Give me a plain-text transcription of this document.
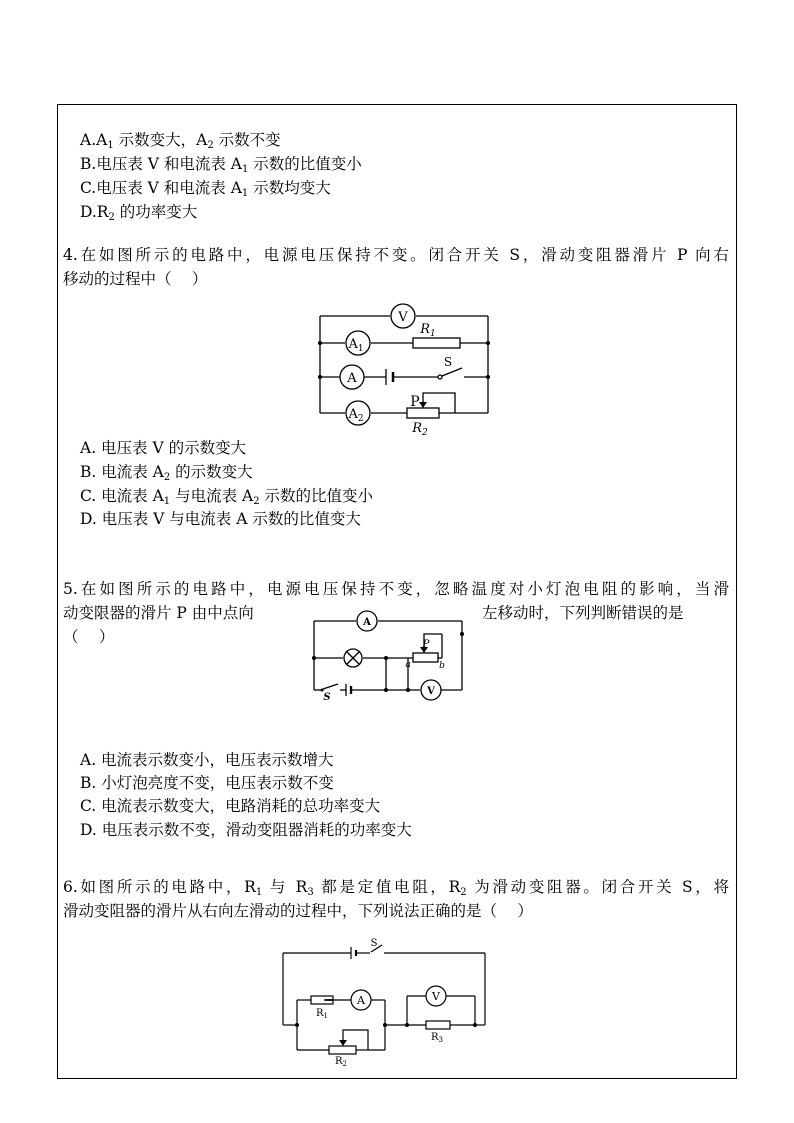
$A.A_1$ 示数变大，$A_2$ 示数不变
B.电压表 V 和电流表 $A_1$ 示数的比值变小
C.电压表 V 和电流表 $A_1$ 示数均变大
$D.R_2$ 的功率变大
4.在如图所示的电路中，电源电压保持不变。闭合开关 S，滑动变阻器滑片 P 向右
移动的过程中（　 ）
V
$A_1$
A
$A_2$
$R_1$
S
P
$R_2$
A. 电压表 V 的示数变大
B. 电流表 $A_2$ 的示数变大
C. 电流表 $A_1$ 与电流表 $A_2$ 示数的比值变小
D. 电压表 V 与电流表 A 示数的比值变大
5.在如图所示的电路中，电源电压保持不变，忽略温度对小灯泡电阻的影响，当滑
动变限器的滑片 P 由中点向	左移动时，下列判断错误的是
（　 ）
A
V
P
a	b
S
A. 电流表示数变小，电压表示数增大
B. 小灯泡亮度不变，电压表示数不变
C. 电流表示数变大，电路消耗的总功率变大
D. 电压表示数不变，滑动变阻器消耗的功率变大
6.如图所示的电路中，$R_1$ 与 $R_3$ 都是定值电阻，$R_2$ 为滑动变阻器。闭合开关 S，将
滑动变阻器的滑片从右向左滑动的过程中，下列说法正确的是（　 ）
S
A	V
$R_1$
$R_2$
$R_3$
